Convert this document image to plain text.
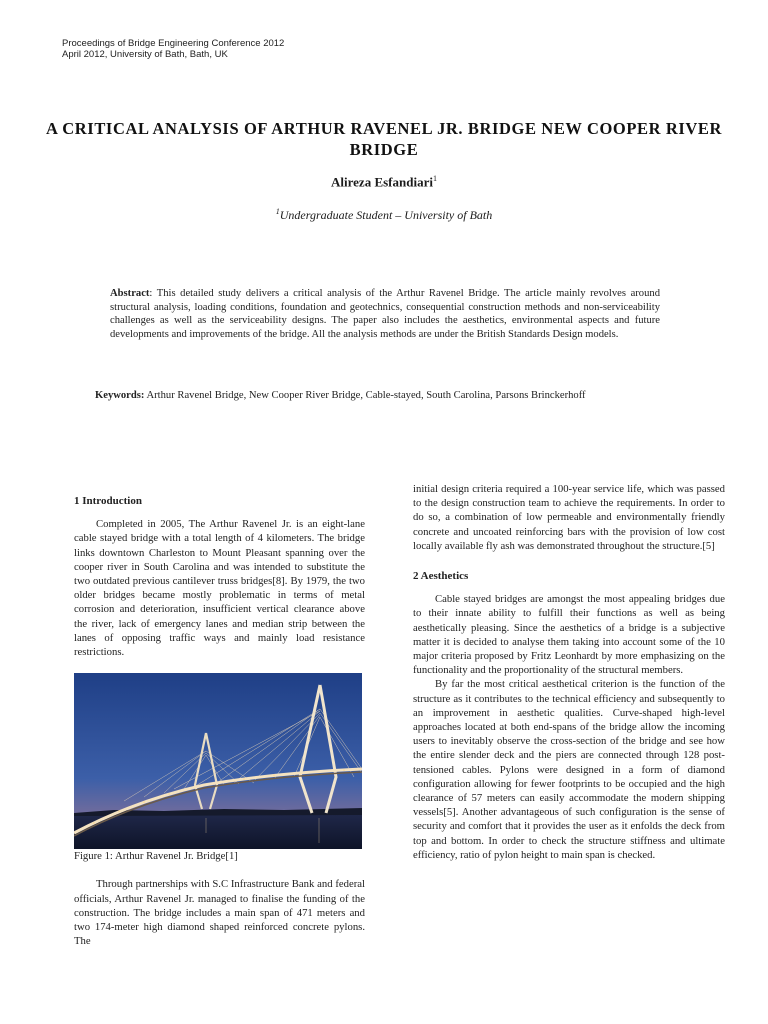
Proceedings of Bridge Engineering Conference 2012
April 2012, University of Bath, Bath, UK
A CRITICAL ANALYSIS OF ARTHUR RAVENEL JR. BRIDGE NEW COOPER RIVER BRIDGE
Alireza Esfandiari$^1$
$^1$Undergraduate Student – University of Bath
Abstract: This detailed study delivers a critical analysis of the Arthur Ravenel Bridge. The article mainly revolves around structural analysis, loading conditions, foundation and geotechnics, consequential construction methods and non-serviceability challenges as well as the serviceability designs. The paper also includes the aesthetics, environmental aspects and future developments and improvements of the bridge. All the analysis methods are under the British Standards Design models.
Keywords: Arthur Ravenel Bridge, New Cooper River Bridge, Cable-stayed, South Carolina, Parsons Brinckerhoff

1 Introduction

Completed in 2005, The Arthur Ravenel Jr. is an eight-lane cable stayed bridge with a total length of 4 kilometers. The bridge links downtown Charleston to Mount Pleasant spanning over the cooper river in South Carolina and was intended to substitute the two outdated previous cantilever truss bridges[8]. By 1979, the two older bridges became mostly problematic in terms of metal corrosion and deterioration, insufficient vertical clearance above the river, lack of emergency lanes and median strip between the lanes of opposing traffic ways and mainly load resistance restrictions.

Figure 1: Arthur Ravenel Jr. Bridge[1]

Through partnerships with S.C Infrastructure Bank and federal officials, Arthur Ravenel Jr. managed to finalise the funding of the construction. The bridge includes a main span of 471 meters and two 174-meter high diamond shaped reinforced concrete pylons. The

initial design criteria required a 100-year service life, which was passed to the design construction team to achieve the requirements. In order to do so, a combination of low permeable and environmentally friendly concrete and uncoated reinforcing bars with the provision of low cost locally available fly ash was demonstrated throughout the structure.[5]

2 Aesthetics

Cable stayed bridges are amongst the most appealing bridges due to their innate ability to fulfill their functions as well as being aesthetically pleasing. Since the aesthetics of a bridge is a subjective matter it is decided to analyse them taking into account some of the 10 major criteria proposed by Fritz Leonhardt by more emphasizing on the functionality and the proportionality of the structural members.

By far the most critical aesthetical criterion is the function of the structure as it contributes to the technical efficiency and subsequently to an improvement in aesthetic qualities. Curve-shaped high-level approaches located at both end-spans of the bridge allow the incoming users to inevitably observe the cross-section of the bridge and see how the entire slender deck and the piers are connected through 128 post-tensioned cables. Pylons were designed in a form of diamond configuration allowing for fewer footprints to be occupied and the high clearance of 57 meters can easily accommodate the modern shipping vessels[5]. Another advantageous of such configuration is the sense of security and comfort that it provides the user as it enfolds the deck from top and bottom. In order to check the structure stiffness and ultimate efficiency, ratio of pylon height to main span is checked.
